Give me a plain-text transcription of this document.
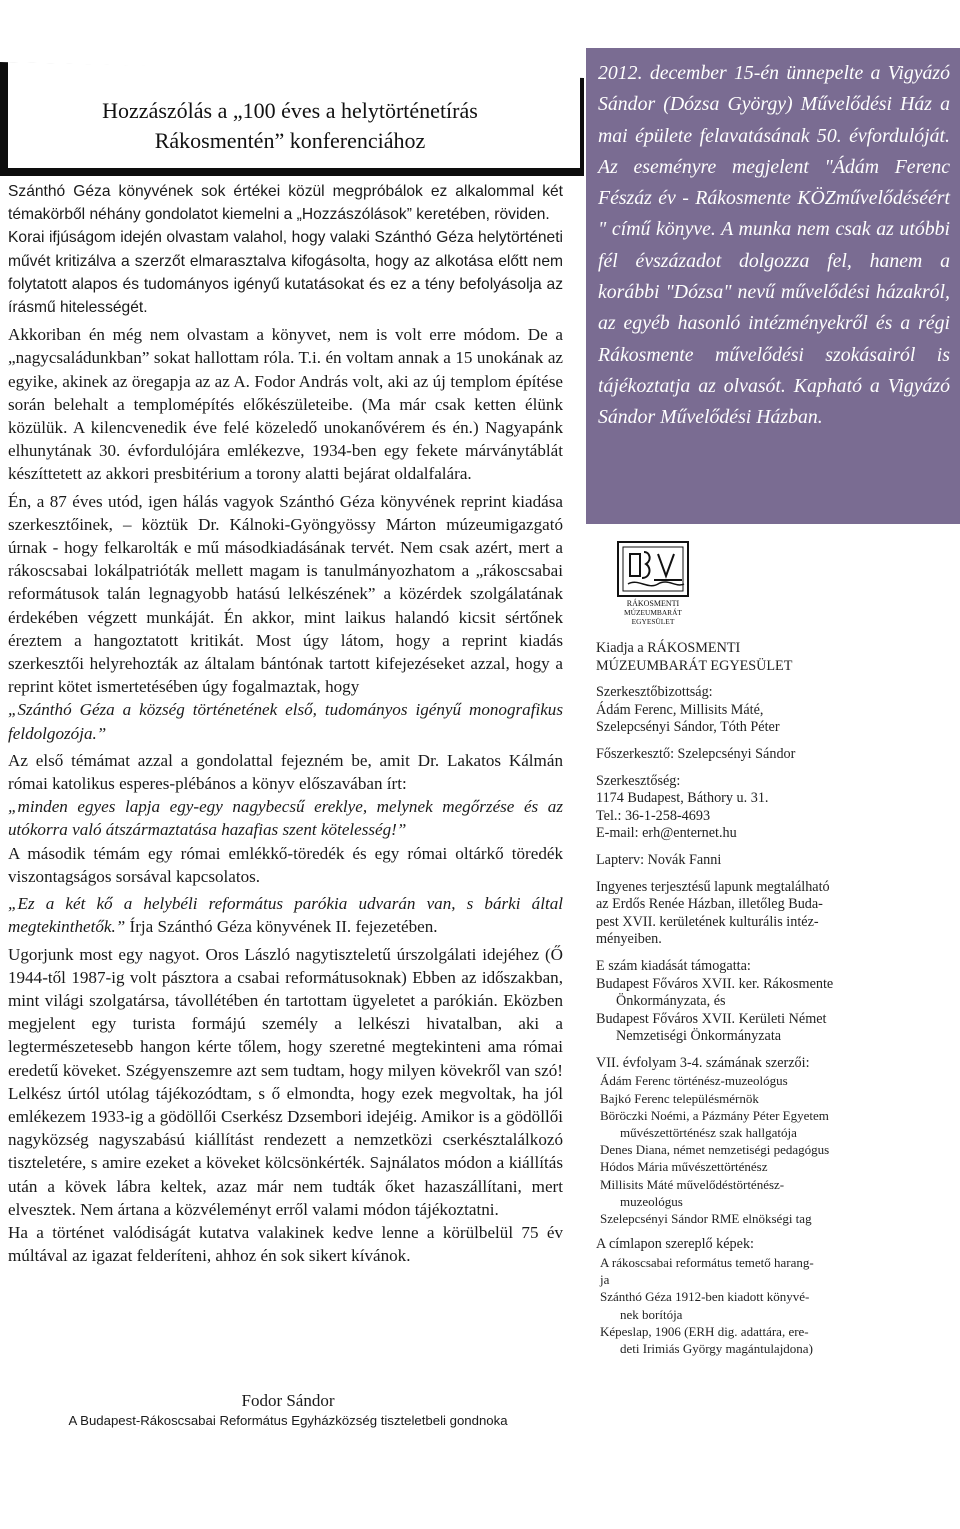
Hozzászólás a „100 éves a helytörténetírás
Rákosmentén” konferenciához

Szánthó Géza könyvének sok értékei közül megpróbálok ez alkalommal két témakörből néhány gondolatot kiemelni a „Hozzászólások” keretében, röviden.

Korai ifjúságom idején olvastam valahol, hogy valaki Szánthó Géza helytörténeti művét kritizálva a szerzőt elmarasztalva kifogásolta, hogy az alkotása előtt nem folytatott alapos és tudományos igényű kutatásokat és ez a tény befolyásolja az írásmű hitelességét.

Akkoriban én még nem olvastam a könyvet, nem is volt erre módom. De a „nagycsaládunkban” sokat hallottam róla. T.i. én voltam annak a 15 unokának az egyike, akinek az öregapja az az A. Fodor András volt, aki az új templom építése során belehalt a templomépítés előkészületeibe. (Ma már csak ketten élünk közülük. A kilencvenedik éve felé közeledő unokanővérem és én.) Nagyapánk elhunytának 30. évfordulójára emlékezve, 1934-ben egy fekete márványtáblát készíttetett az akkori presbitérium a torony alatti bejárat oldalfalára.

Én, a 87 éves utód, igen hálás vagyok Szánthó Géza könyvének reprint kiadása szerkesztőinek, – köztük Dr. Kálnoki-Gyöngyössy Márton múzeumigazgató úrnak - hogy felkarolták e mű másodkiadásának tervét. Nem csak azért, mert a rákoscsabai lokálpatrióták mellett magam is tanulmányozhatom a „rákoscsabai reformátusok talán legnagyobb hatású lelkészének” a közérdek szolgálatának érdekében végzett munkáját. Én akkor, mint laikus halandó kicsit sértőnek éreztem a hangoztatott kritikát. Most úgy látom, hogy a reprint kiadás szerkesztői helyrehozták az általam bántónak tartott kifejezéseket azzal, hogy a reprint kötet ismertetésében úgy fogalmaztak, hogy

„Szánthó Géza a község történetének első, tudományos igényű monografikus feldolgozója.”

Az első témámat azzal a gondolattal fejezném be, amit Dr. Lakatos Kálmán római katolikus esperes-plébános a könyv előszavában írt:

„minden egyes lapja egy-egy nagybecsű ereklye, melynek megőrzése és az utókorra való átszármaztatása hazafias szent kötelesség!”

A második témám egy római emlékkő-töredék és egy római oltárkő töredék viszontagságos sorsával kapcsolatos.

„Ez a két kő a helybéli református parókia udvarán van, s bárki által megtekinthetők.” Írja Szánthó Géza könyvének II. fejezetében.

Ugorjunk most egy nagyot. Oros László nagytiszteletű úrszolgálati idejéhez (Ő 1944-től 1987-ig volt pásztora a csabai reformátusoknak) Ebben az időszakban, mint világi szolgatársa, távollétében én tartottam ügyeletet a parókián. Eközben megjelent egy turista formájú személy a lelkészi hivatalban, aki a legtermészetesebb hangon kérte tőlem, hogy szeretné megtekinteni ama római eredetű köveket. Szégyenszemre azt sem tudtam, hogy milyen kövekről van szó! Lelkész úrtól utólag tájékozódtam, s ő elmondta, hogy ezek megvoltak, ha jól emlékezem 1933-ig a gödöllői Cserkész Dzsembori idejéig. Amikor is a gödöllői nagyközség nagyszabású kiállítást rendezett a nemzetközi cserkésztalálkozó tiszteletére, s amire ezeket a köveket kölcsönkérték. Sajnálatos módon a kiállítás után a kövek lábra keltek, azaz már nem tudták őket hazaszállítani, mert elvesztek. Nem ártana a közvéleményt erről valami módon tájékoztatni.

Ha a történet valódiságát kutatva valakinek kedve lenne a körülbelül 75 év múltával az igazat felderíteni, ahhoz én sok sikert kívánok.

Fodor Sándor
A Budapest-Rákoscsabai Református Egyházközség tiszteletbeli gondnoka
2012. december 15-én ünnepelte a Vigyázó Sándor (Dózsa György) Művelődési Ház a mai épülete felavatásának 50. évfordulóját. Az eseményre megjelent "Ádám Ferenc Fészáz év - Rákosmente KÖZművelődéséért " című könyve. A munka nem csak az utóbbi fél évszázadot dolgozza fel, hanem a korábbi "Dózsa" nevű művelődési házakról, az egyéb hasonló intézményekről és a régi Rákosmente művelődési szokásairól is tájékoztatja az olvasót. Kapható a Vigyázó Sándor Művelődési Házban.
RÁKOSMENTI
MÚZEUMBARÁT
EGYESÜLET
Kiadja a RÁKOSMENTI
MÚZEUMBARÁT EGYESÜLET
Szerkesztőbizottság:
Ádám Ferenc, Millisits Máté,
Szelepcsényi Sándor, Tóth Péter
Főszerkesztő: Szelepcsényi Sándor
Szerkesztőség:
1174 Budapest, Báthory u. 31.
Tel.: 36-1-258-4693
E-mail: erh@enternet.hu
Lapterv: Novák Fanni
Ingyenes terjesztésű lapunk megtalálható
az Erdős Renée Házban, illetőleg Buda-
pest XVII. kerületének kulturális intéz-
ményeiben.
E szám kiadását támogatta:
Budapest Főváros XVII. ker. Rákosmente
Önkormányzata, és
Budapest Főváros XVII. Kerületi Német
Nemzetiségi Önkormányzata
VII. évfolyam 3-4. számának szerzői:
Ádám Ferenc történész-muzeológus
Bajkó Ferenc településmérnök
Böröczki Noémi, a Pázmány Péter Egyetem
művészettörténész szak hallgatója
Denes Diana, német nemzetiségi pedagógus
Hódos Mária művészettörténész
Millisits Máté művelődéstörténész-
muzeológus
Szelepcsényi Sándor RME elnökségi tag
A címlapon szereplő képek:
A rákoscsabai református temető harang-
ja
Szánthó Géza 1912-ben kiadott könyvé-
nek borítója
Képeslap, 1906 (ERH dig. adattára, ere-
deti Irimiás György magántulajdona)
